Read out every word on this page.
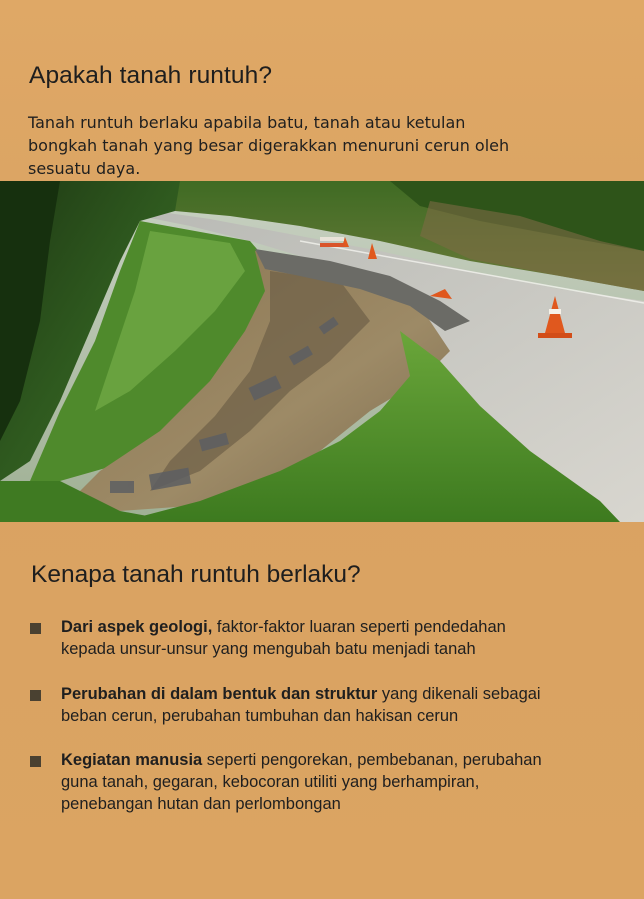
Apakah tanah runtuh?

Tanah runtuh berlaku apabila batu, tanah atau ketulan
bongkah tanah yang besar digerakkan menuruni cerun oleh
sesuatu daya.

Kenapa tanah runtuh berlaku?

Dari aspek geologi, faktor-faktor luaran seperti pendedahan
kepada unsur-unsur yang mengubah batu menjadi tanah

Perubahan di dalam bentuk dan struktur yang dikenali sebagai
beban cerun, perubahan tumbuhan dan hakisan cerun

Kegiatan manusia seperti pengorekan, pembebanan, perubahan
guna tanah, gegaran, kebocoran utiliti yang berhampiran,
penebangan hutan dan perlombongan
